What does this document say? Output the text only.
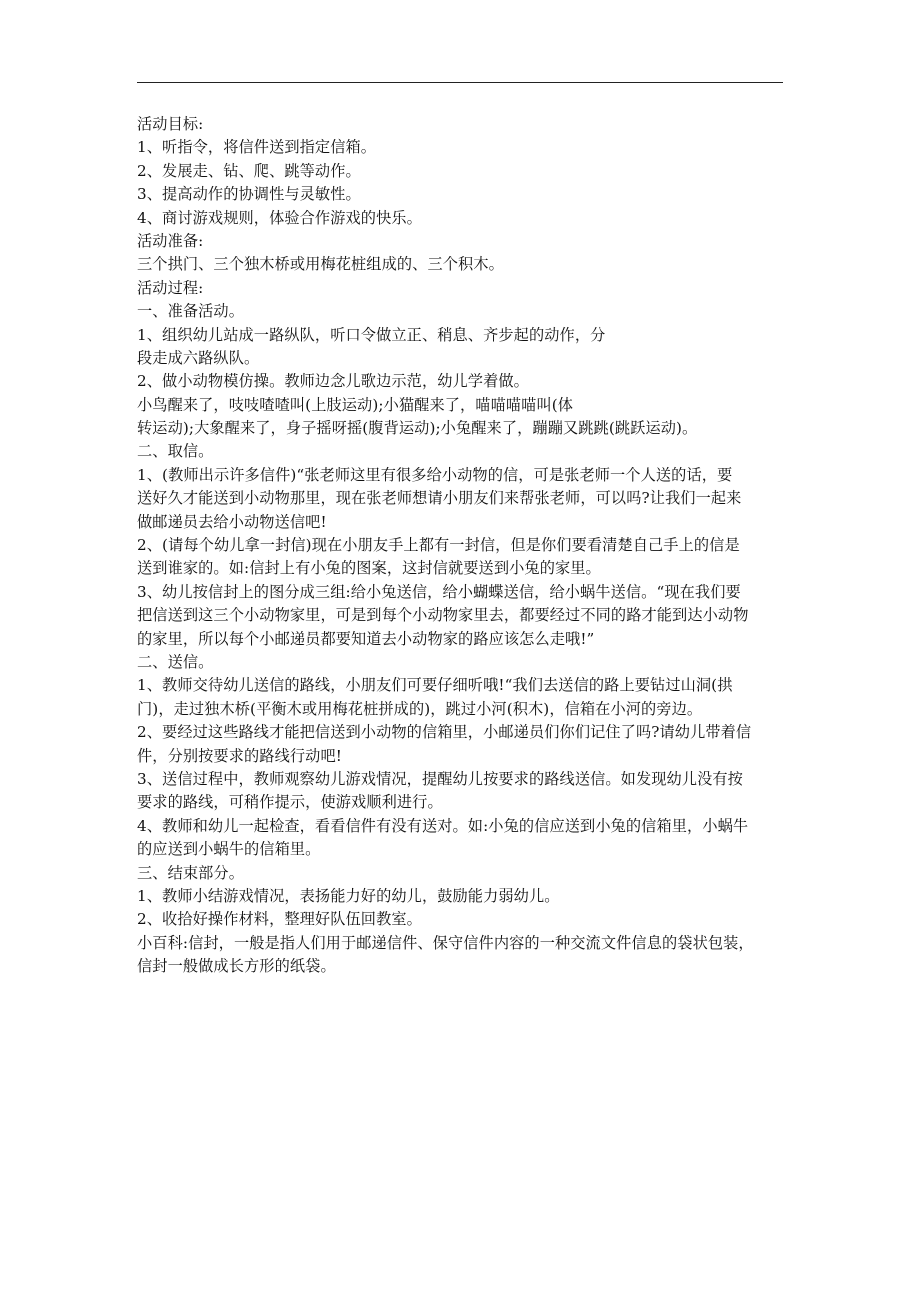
活动目标:
1、听指令，将信件送到指定信箱。
2、发展走、钻、爬、跳等动作。
3、提高动作的协调性与灵敏性。
4、商讨游戏规则，体验合作游戏的快乐。
活动准备:
三个拱门、三个独木桥或用梅花桩组成的、三个积木。
活动过程:
一、准备活动。
1、组织幼儿站成一路纵队，听口令做立正、稍息、齐步起的动作，分
段走成六路纵队。
2、做小动物模仿操。教师边念儿歌边示范，幼儿学着做。
小鸟醒来了，吱吱喳喳叫(上肢运动);小猫醒来了，喵喵喵喵叫(体
转运动);大象醒来了，身子摇呀摇(腹背运动);小兔醒来了，蹦蹦又跳跳(跳跃运动)。
二、取信。
1、(教师出示许多信件)“张老师这里有很多给小动物的信，可是张老师一个人送的话，要
送好久才能送到小动物那里，现在张老师想请小朋友们来帮张老师，可以吗?让我们一起来
做邮递员去给小动物送信吧!
2、(请每个幼儿拿一封信)现在小朋友手上都有一封信，但是你们要看清楚自己手上的信是
送到谁家的。如:信封上有小兔的图案，这封信就要送到小兔的家里。
3、幼儿按信封上的图分成三组:给小兔送信，给小蝴蝶送信，给小蜗牛送信。“现在我们要
把信送到这三个小动物家里，可是到每个小动物家里去，都要经过不同的路才能到达小动物
的家里，所以每个小邮递员都要知道去小动物家的路应该怎么走哦!”
二、送信。
1、教师交待幼儿送信的路线，小朋友们可要仔细听哦!“我们去送信的路上要钻过山洞(拱
门)，走过独木桥(平衡木或用梅花桩拼成的)，跳过小河(积木)，信箱在小河的旁边。
2、要经过这些路线才能把信送到小动物的信箱里，小邮递员们你们记住了吗?请幼儿带着信
件，分别按要求的路线行动吧!
3、送信过程中，教师观察幼儿游戏情况，提醒幼儿按要求的路线送信。如发现幼儿没有按
要求的路线，可稍作提示，使游戏顺利进行。
4、教师和幼儿一起检查，看看信件有没有送对。如:小兔的信应送到小兔的信箱里，小蜗牛
的应送到小蜗牛的信箱里。
三、结束部分。
1、教师小结游戏情况，表扬能力好的幼儿，鼓励能力弱幼儿。
2、收拾好操作材料，整理好队伍回教室。
小百科:信封，一般是指人们用于邮递信件、保守信件内容的一种交流文件信息的袋状包装，
信封一般做成长方形的纸袋。
